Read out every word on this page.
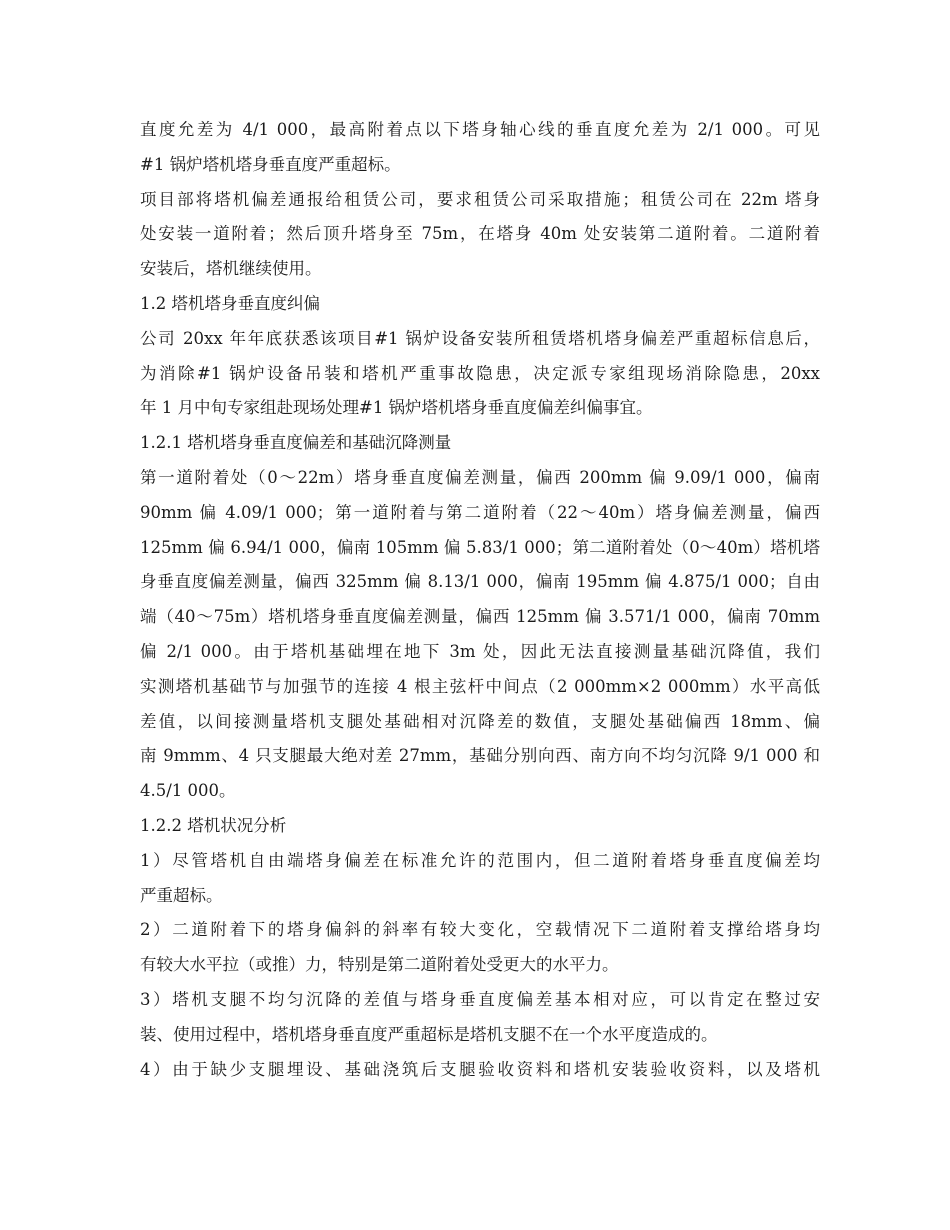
直度允差为 4/1 000，最高附着点以下塔身轴心线的垂直度允差为 2/1 000。可见
#1 锅炉塔机塔身垂直度严重超标。
项目部将塔机偏差通报给租赁公司，要求租赁公司采取措施；租赁公司在 22m 塔身
处安装一道附着；然后顶升塔身至 75m，在塔身 40m 处安装第二道附着。二道附着
安装后，塔机继续使用。
1.2 塔机塔身垂直度纠偏
公司 20xx 年年底获悉该项目#1 锅炉设备安装所租赁塔机塔身偏差严重超标信息后，
为消除#1 锅炉设备吊装和塔机严重事故隐患，决定派专家组现场消除隐患，20xx
年 1 月中旬专家组赴现场处理#1 锅炉塔机塔身垂直度偏差纠偏事宜。
1.2.1 塔机塔身垂直度偏差和基础沉降测量
第一道附着处（0～22m）塔身垂直度偏差测量，偏西 200mm 偏 9.09/1 000，偏南
90mm 偏 4.09/1 000；第一道附着与第二道附着（22～40m）塔身偏差测量，偏西
125mm 偏 6.94/1 000，偏南 105mm 偏 5.83/1 000；第二道附着处（0～40m）塔机塔
身垂直度偏差测量，偏西 325mm 偏 8.13/1 000，偏南 195mm 偏 4.875/1 000；自由
端（40～75m）塔机塔身垂直度偏差测量，偏西 125mm 偏 3.571/1 000，偏南 70mm
偏 2/1 000。由于塔机基础埋在地下 3m 处，因此无法直接测量基础沉降值，我们
实测塔机基础节与加强节的连接 4 根主弦杆中间点（2 000mm×2 000mm）水平高低
差值，以间接测量塔机支腿处基础相对沉降差的数值，支腿处基础偏西 18mm、偏
南 9mmm、4 只支腿最大绝对差 27mm，基础分别向西、南方向不均匀沉降 9/1 000 和
4.5/1 000。
1.2.2 塔机状况分析
1）尽管塔机自由端塔身偏差在标准允许的范围内，但二道附着塔身垂直度偏差均
严重超标。
2）二道附着下的塔身偏斜的斜率有较大变化，空载情况下二道附着支撑给塔身均
有较大水平拉（或推）力，特别是第二道附着处受更大的水平力。
3）塔机支腿不均匀沉降的差值与塔身垂直度偏差基本相对应，可以肯定在整过安
装、使用过程中，塔机塔身垂直度严重超标是塔机支腿不在一个水平度造成的。
4）由于缺少支腿埋设、基础浇筑后支腿验收资料和塔机安装验收资料，以及塔机
